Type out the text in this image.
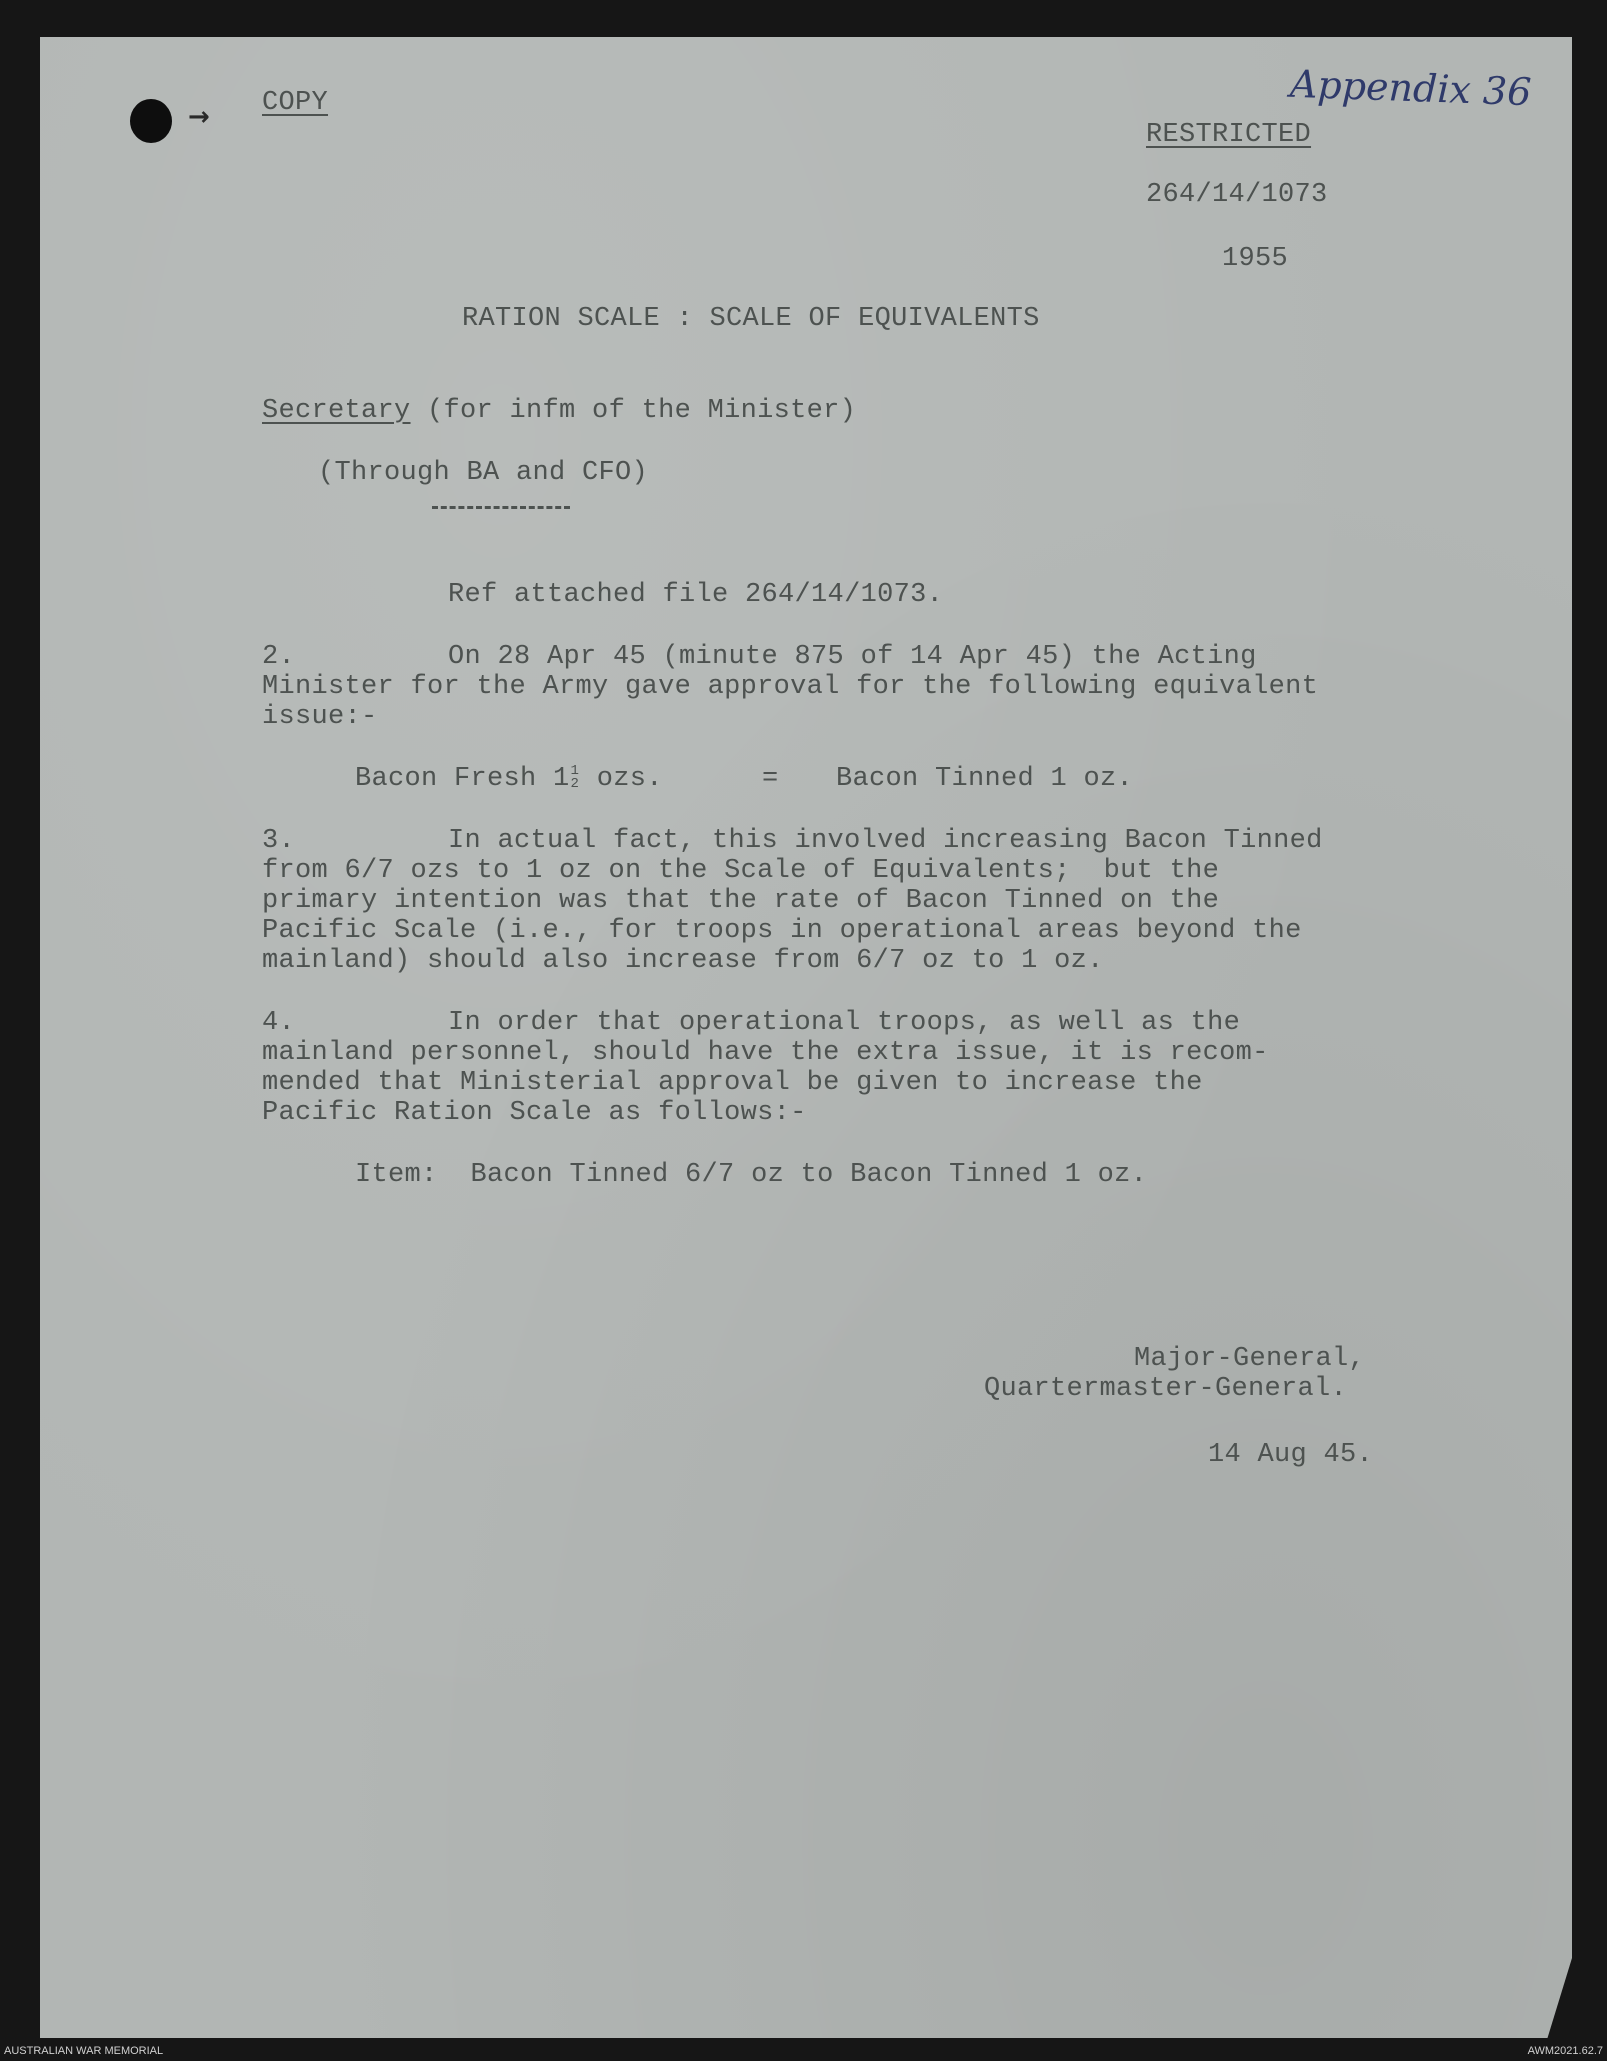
→ COPY	Appendix 36
RESTRICTED
264/14/1073
1955
RATION SCALE : SCALE OF EQUIVALENTS
Secretary (for infm of the Minister)
(Through BA and CFO)
Ref attached file 264/14/1073.
2.	On 28 Apr 45 (minute 875 of 14 Apr 45) the Acting
Minister for the Army gave approval for the following equivalent
issue:-
Bacon Fresh 1 1
2 ozs.	= Bacon Tinned 1 oz.
3.	In actual fact, this involved increasing Bacon Tinned
from 6/7 ozs to 1 oz on the Scale of Equivalents;  but the
primary intention was that the rate of Bacon Tinned on the
Pacific Scale (i.e., for troops in operational areas beyond the
mainland) should also increase from 6/7 oz to 1 oz.
4.	In order that operational troops, as well as the
mainland personnel, should have the extra issue, it is recom-
mended that Ministerial approval be given to increase the
Pacific Ration Scale as follows:-
Item:  Bacon Tinned 6/7 oz to Bacon Tinned 1 oz.
Major-General,
Quartermaster-General.
14 Aug 45.
AUSTRALIAN WAR MEMORIAL	AWM2021.62.7
